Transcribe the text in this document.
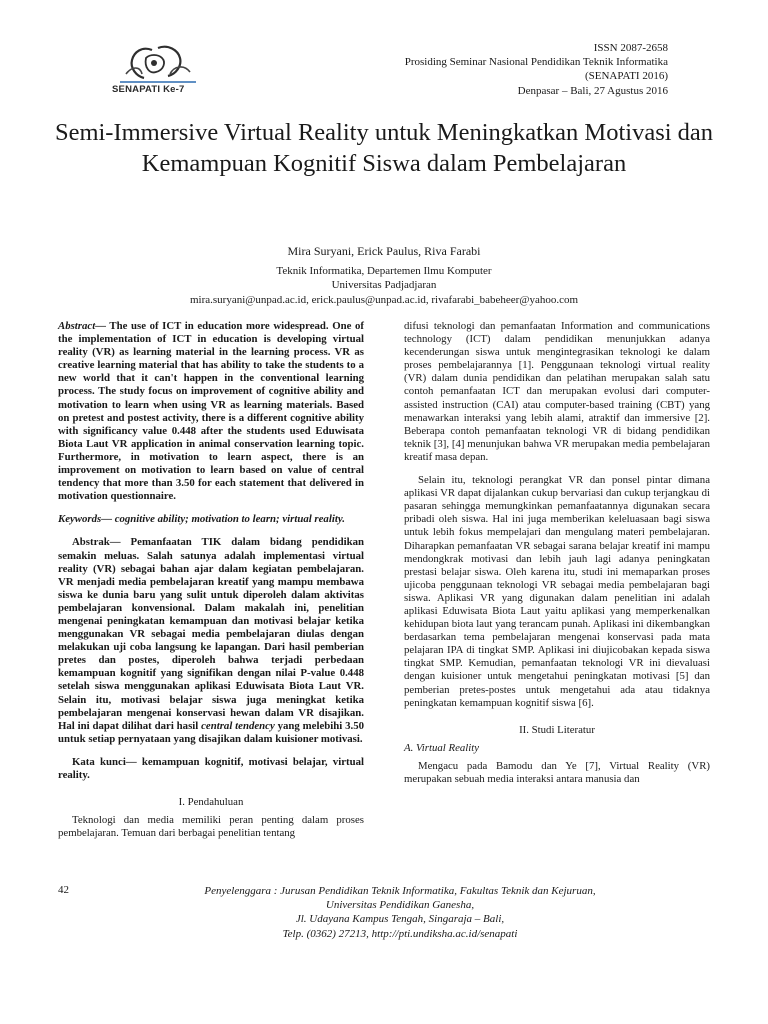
SENAPATI Ke-7
ISSN 2087-2658
Prosiding Seminar Nasional Pendidikan Teknik Informatika
(SENAPATI 2016)
Denpasar – Bali, 27 Agustus 2016
Semi-Immersive Virtual Reality untuk Meningkatkan Motivasi dan Kemampuan Kognitif Siswa dalam Pembelajaran
Mira Suryani, Erick Paulus, Riva Farabi
Teknik Informatika, Departemen Ilmu Komputer
Universitas Padjadjaran
mira.suryani@unpad.ac.id, erick.paulus@unpad.ac.id, rivafarabi_babeheer@yahoo.com

Abstract— The use of ICT in education more widespread. One of the implementation of ICT in education is developing virtual reality (VR) as learning material in the learning process. VR as creative learning material that has ability to take the students to a new world that it can't happen in the conventional learning process. The study focus on improvement of cognitive ability and motivation to learn when using VR as learning materials. Based on pretest and postest activity, there is a different cognitive ability with significancy value 0.448 after the students used Eduwisata Biota Laut VR application in animal conservation learning topic. Furthermore, in motivation to learn aspect, there is an improvement on motivation to learn based on value of central tendency that more than 3.50 for each statement that delivered in motivation questionnaire.

Keywords— cognitive ability; motivation to learn; virtual reality.

Abstrak— Pemanfaatan TIK dalam bidang pendidikan semakin meluas. Salah satunya adalah implementasi virtual reality (VR) sebagai bahan ajar dalam kegiatan pembelajaran. VR menjadi media pembelajaran kreatif yang mampu membawa siswa ke dunia baru yang sulit untuk diperoleh dalam aktivitas pembelajaran konvensional. Dalam makalah ini, penelitian mengenai peningkatan kemampuan dan motivasi belajar ketika menggunakan VR sebagai media pembelajaran diulas dengan melakukan uji coba langsung ke lapangan. Dari hasil pemberian pretes dan postes, diperoleh bahwa terjadi perbedaan kemampuan kognitif yang signifikan dengan nilai P-value 0.448 setelah siswa menggunakan aplikasi Eduwisata Biota Laut VR. Selain itu, motivasi belajar siswa juga meningkat ketika pembelajaran mengenai konservasi hewan dalam VR disajikan. Hal ini dapat dilihat dari hasil central tendency yang melebihi 3.50 untuk setiap pernyataan yang disajikan dalam kuisioner motivasi.

Kata kunci— kemampuan kognitif, motivasi belajar, virtual reality.

I. Pendahuluan

Teknologi dan media memiliki peran penting dalam proses pembelajaran. Temuan dari berbagai penelitian tentang

difusi teknologi dan pemanfaatan Information and communications technology (ICT) dalam pendidikan menunjukkan adanya kecenderungan siswa untuk mengintegrasikan teknologi ke dalam proses pembelajarannya [1]. Penggunaan teknologi virtual reality (VR) dalam dunia pendidikan dan pelatihan merupakan salah satu contoh pemanfaatan ICT dan merupakan evolusi dari computer-assisted instruction (CAI) atau computer-based training (CBT) yang menawarkan interaksi yang lebih alami, atraktif dan immersive [2]. Beberapa contoh pemanfaatan teknologi VR di bidang pendidikan teknik [3], [4] menunjukan bahwa VR merupakan media pembelajaran kreatif masa depan.

Selain itu, teknologi perangkat VR dan ponsel pintar dimana aplikasi VR dapat dijalankan cukup bervariasi dan cukup terjangkau di pasaran sehingga memungkinkan pemanfaatannya digunakan secara pribadi oleh siswa. Hal ini juga memberikan keleluasaan bagi siswa untuk lebih fokus mempelajari dan mengulang materi pembelajaran. Diharapkan pemanfaatan VR sebagai sarana belajar kreatif ini mampu mendongkrak motivasi dan lebih jauh lagi adanya peningkatan prestasi belajar siswa. Oleh karena itu, studi ini memaparkan proses ujicoba penggunaan teknologi VR sebagai media pembelajaran bagi siswa. Aplikasi VR yang digunakan dalam penelitian ini adalah aplikasi Eduwisata Biota Laut yaitu aplikasi yang memperkenalkan kehidupan biota laut yang terancam punah. Aplikasi ini dikembangkan berdasarkan tema pembelajaran mengenai konservasi pada mata pelajaran IPA di tingkat SMP. Aplikasi ini diujicobakan kepada siswa tingkat SMP. Kemudian, pemanfaatan teknologi VR ini dievaluasi dengan kuisioner untuk mengetahui peningkatan motivasi [5] dan pemberian pretes-postes untuk mengetahui ada atau tidaknya peningkatan kemampuan kognitif siswa [6].

II. Studi Literatur
A. Virtual Reality

Mengacu pada Bamodu dan Ye [7], Virtual Reality (VR) merupakan sebuah media interaksi antara manusia dan

42	Penyelenggara : Jurusan Pendidikan Teknik Informatika, Fakultas Teknik dan Kejuruan,
Universitas Pendidikan Ganesha,
Jl. Udayana Kampus Tengah, Singaraja – Bali,
Telp. (0362) 27213, http://pti.undiksha.ac.id/senapati
